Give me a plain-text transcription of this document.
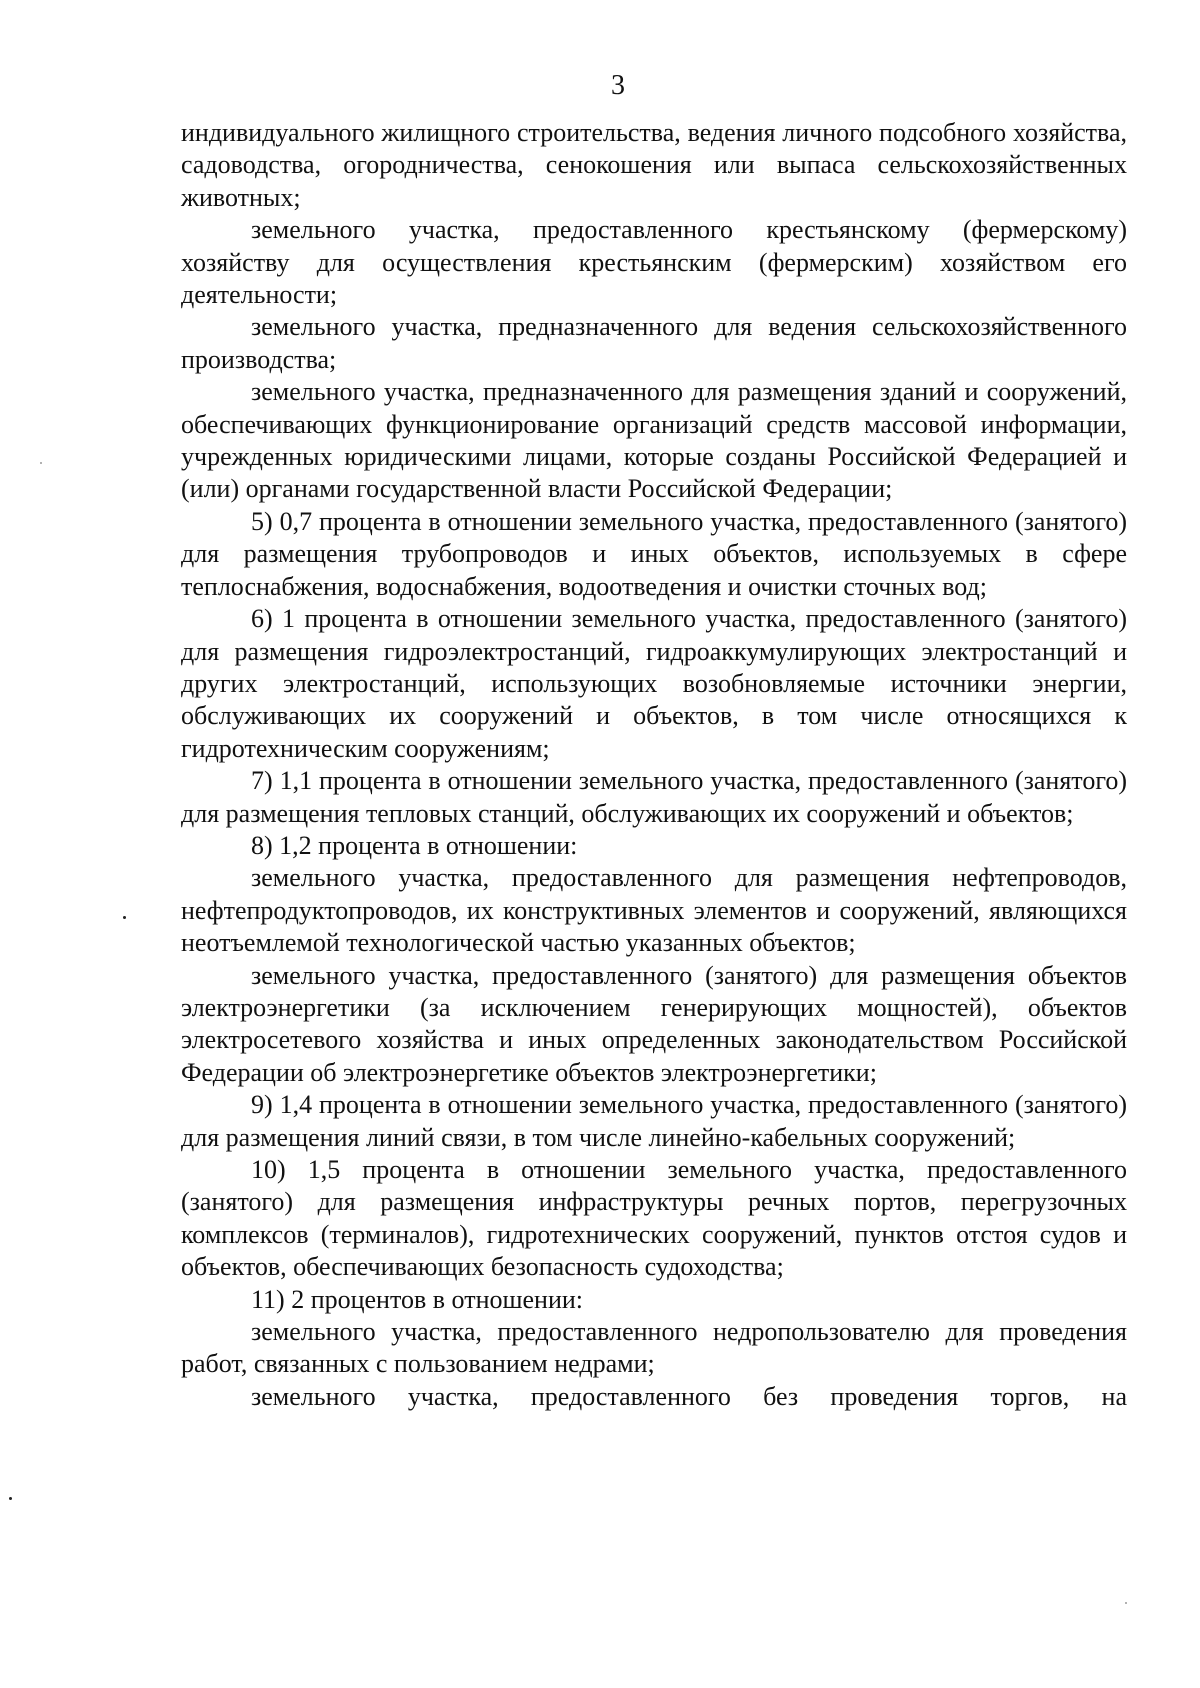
3

индивидуального жилищного строительства, ведения личного подсобного хозяйства, садоводства, огородничества, сенокошения или выпаса сельскохозяйственных животных;

земельного участка, предоставленного крестьянскому (фермерскому) хозяйству для осуществления крестьянским (фермерским) хозяйством его деятельности;

земельного участка, предназначенного для ведения сельскохозяйственного производства;

земельного участка, предназначенного для размещения зданий и сооружений, обеспечивающих функционирование организаций средств массовой информации, учрежденных юридическими лицами, которые созданы Российской Федерацией и (или) органами государственной власти Российской Федерации;

5) 0,7 процента в отношении земельного участка, предоставленного (занятого) для размещения трубопроводов и иных объектов, используемых в сфере теплоснабжения, водоснабжения, водоотведения и очистки сточных вод;

6) 1 процента в отношении земельного участка, предоставленного (занятого) для размещения гидроэлектростанций, гидроаккумулирующих электростанций и других электростанций, использующих возобновляемые источники энергии, обслуживающих их сооружений и объектов, в том числе относящихся к гидротехническим сооружениям;

7) 1,1 процента в отношении земельного участка, предоставленного (занятого) для размещения тепловых станций, обслуживающих их сооружений и объектов;

8) 1,2 процента в отношении:

земельного участка, предоставленного для размещения нефтепроводов, нефтепродуктопроводов, их конструктивных элементов и сооружений, являющихся неотъемлемой технологической частью указанных объектов;

земельного участка, предоставленного (занятого) для размещения объектов электроэнергетики (за исключением генерирующих мощностей), объектов электросетевого хозяйства и иных определенных законодательством Российской Федерации об электроэнергетике объектов электроэнергетики;

9) 1,4 процента в отношении земельного участка, предоставленного (занятого) для размещения линий связи, в том числе линейно-кабельных сооружений;

10) 1,5 процента в отношении земельного участка, предоставленного (занятого) для размещения инфраструктуры речных портов, перегрузочных комплексов (терминалов), гидротехнических сооружений, пунктов отстоя судов и объектов, обеспечивающих безопасность судоходства;

11) 2 процентов в отношении:

земельного участка, предоставленного недропользователю для проведения работ, связанных с пользованием недрами;

земельного участка, предоставленного без проведения торгов, на
